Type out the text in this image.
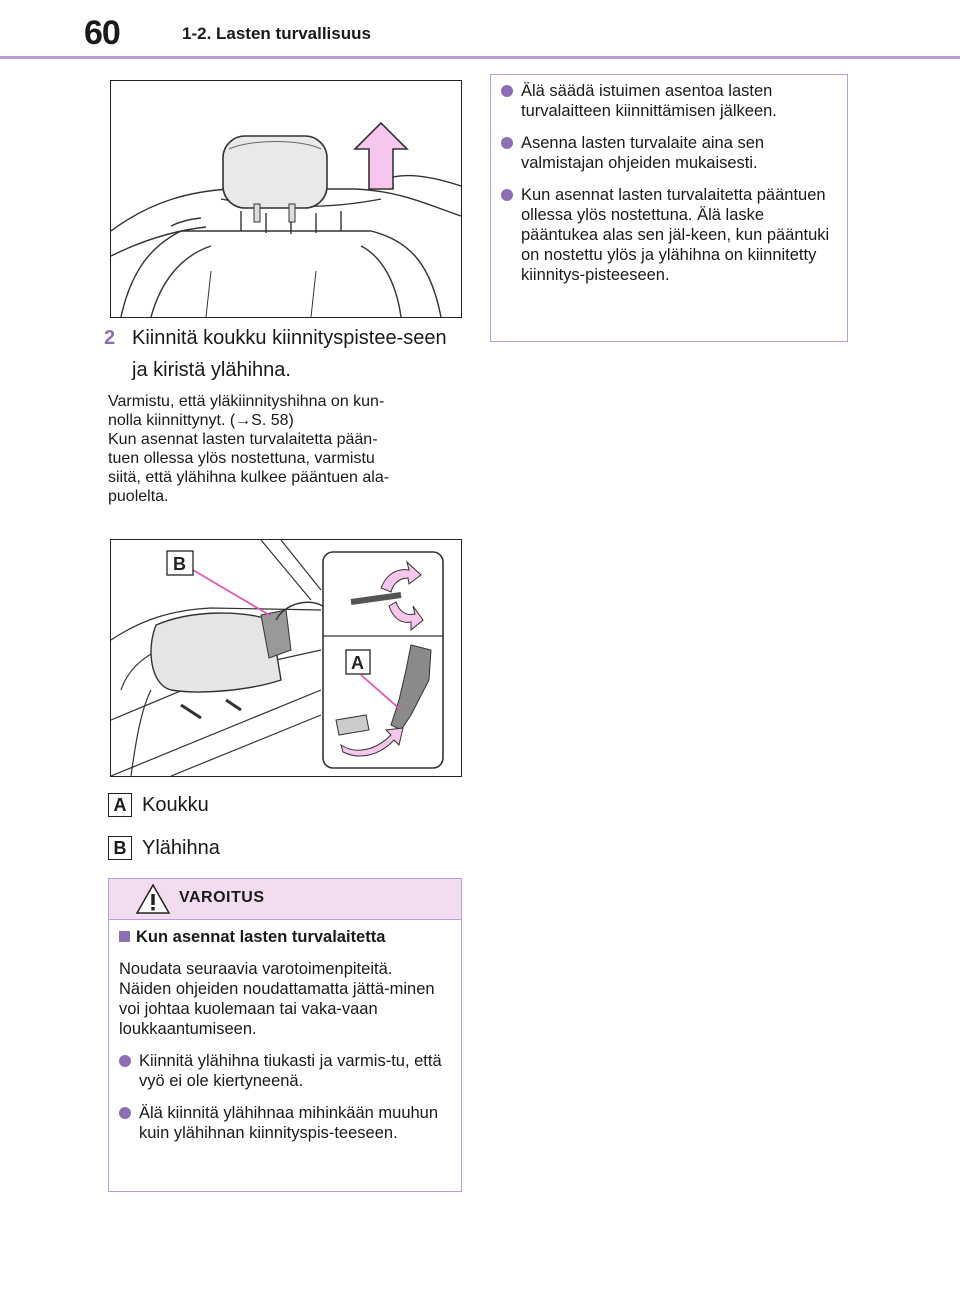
60	1-2. Lasten turvallisuus
2 Kiinnitä koukku kiinnityspistee-seen ja kiristä ylähihna.
Varmistu, että yläkiinnityshihna on kun-
nolla kiinnittynyt. (→S. 58)
Kun asennat lasten turvalaitetta pään-
tuen ollessa ylös nostettuna, varmistu
siitä, että ylähihna kulkee pääntuen ala-
puolelta.
B
A
A Koukku
B Ylähihna
VAROITUS
Kun asennat lasten turvalaitetta
Noudata seuraavia varotoimenpiteitä. Näiden ohjeiden noudattamatta jättä-minen voi johtaa kuolemaan tai vaka-vaan loukkaantumiseen.
Kiinnitä ylähihna tiukasti ja varmis-tu, että vyö ei ole kiertyneenä.
Älä kiinnitä ylähihnaa mihinkään muuhun kuin ylähihnan kiinnityspis-teeseen.
Älä säädä istuimen asentoa lasten turvalaitteen kiinnittämisen jälkeen.
Asenna lasten turvalaite aina sen valmistajan ohjeiden mukaisesti.
Kun asennat lasten turvalaitetta pääntuen ollessa ylös nostettuna. Älä laske pääntukea alas sen jäl-keen, kun pääntuki on nostettu ylös ja ylähihna on kiinnitetty kiinnitys-pisteeseen.
